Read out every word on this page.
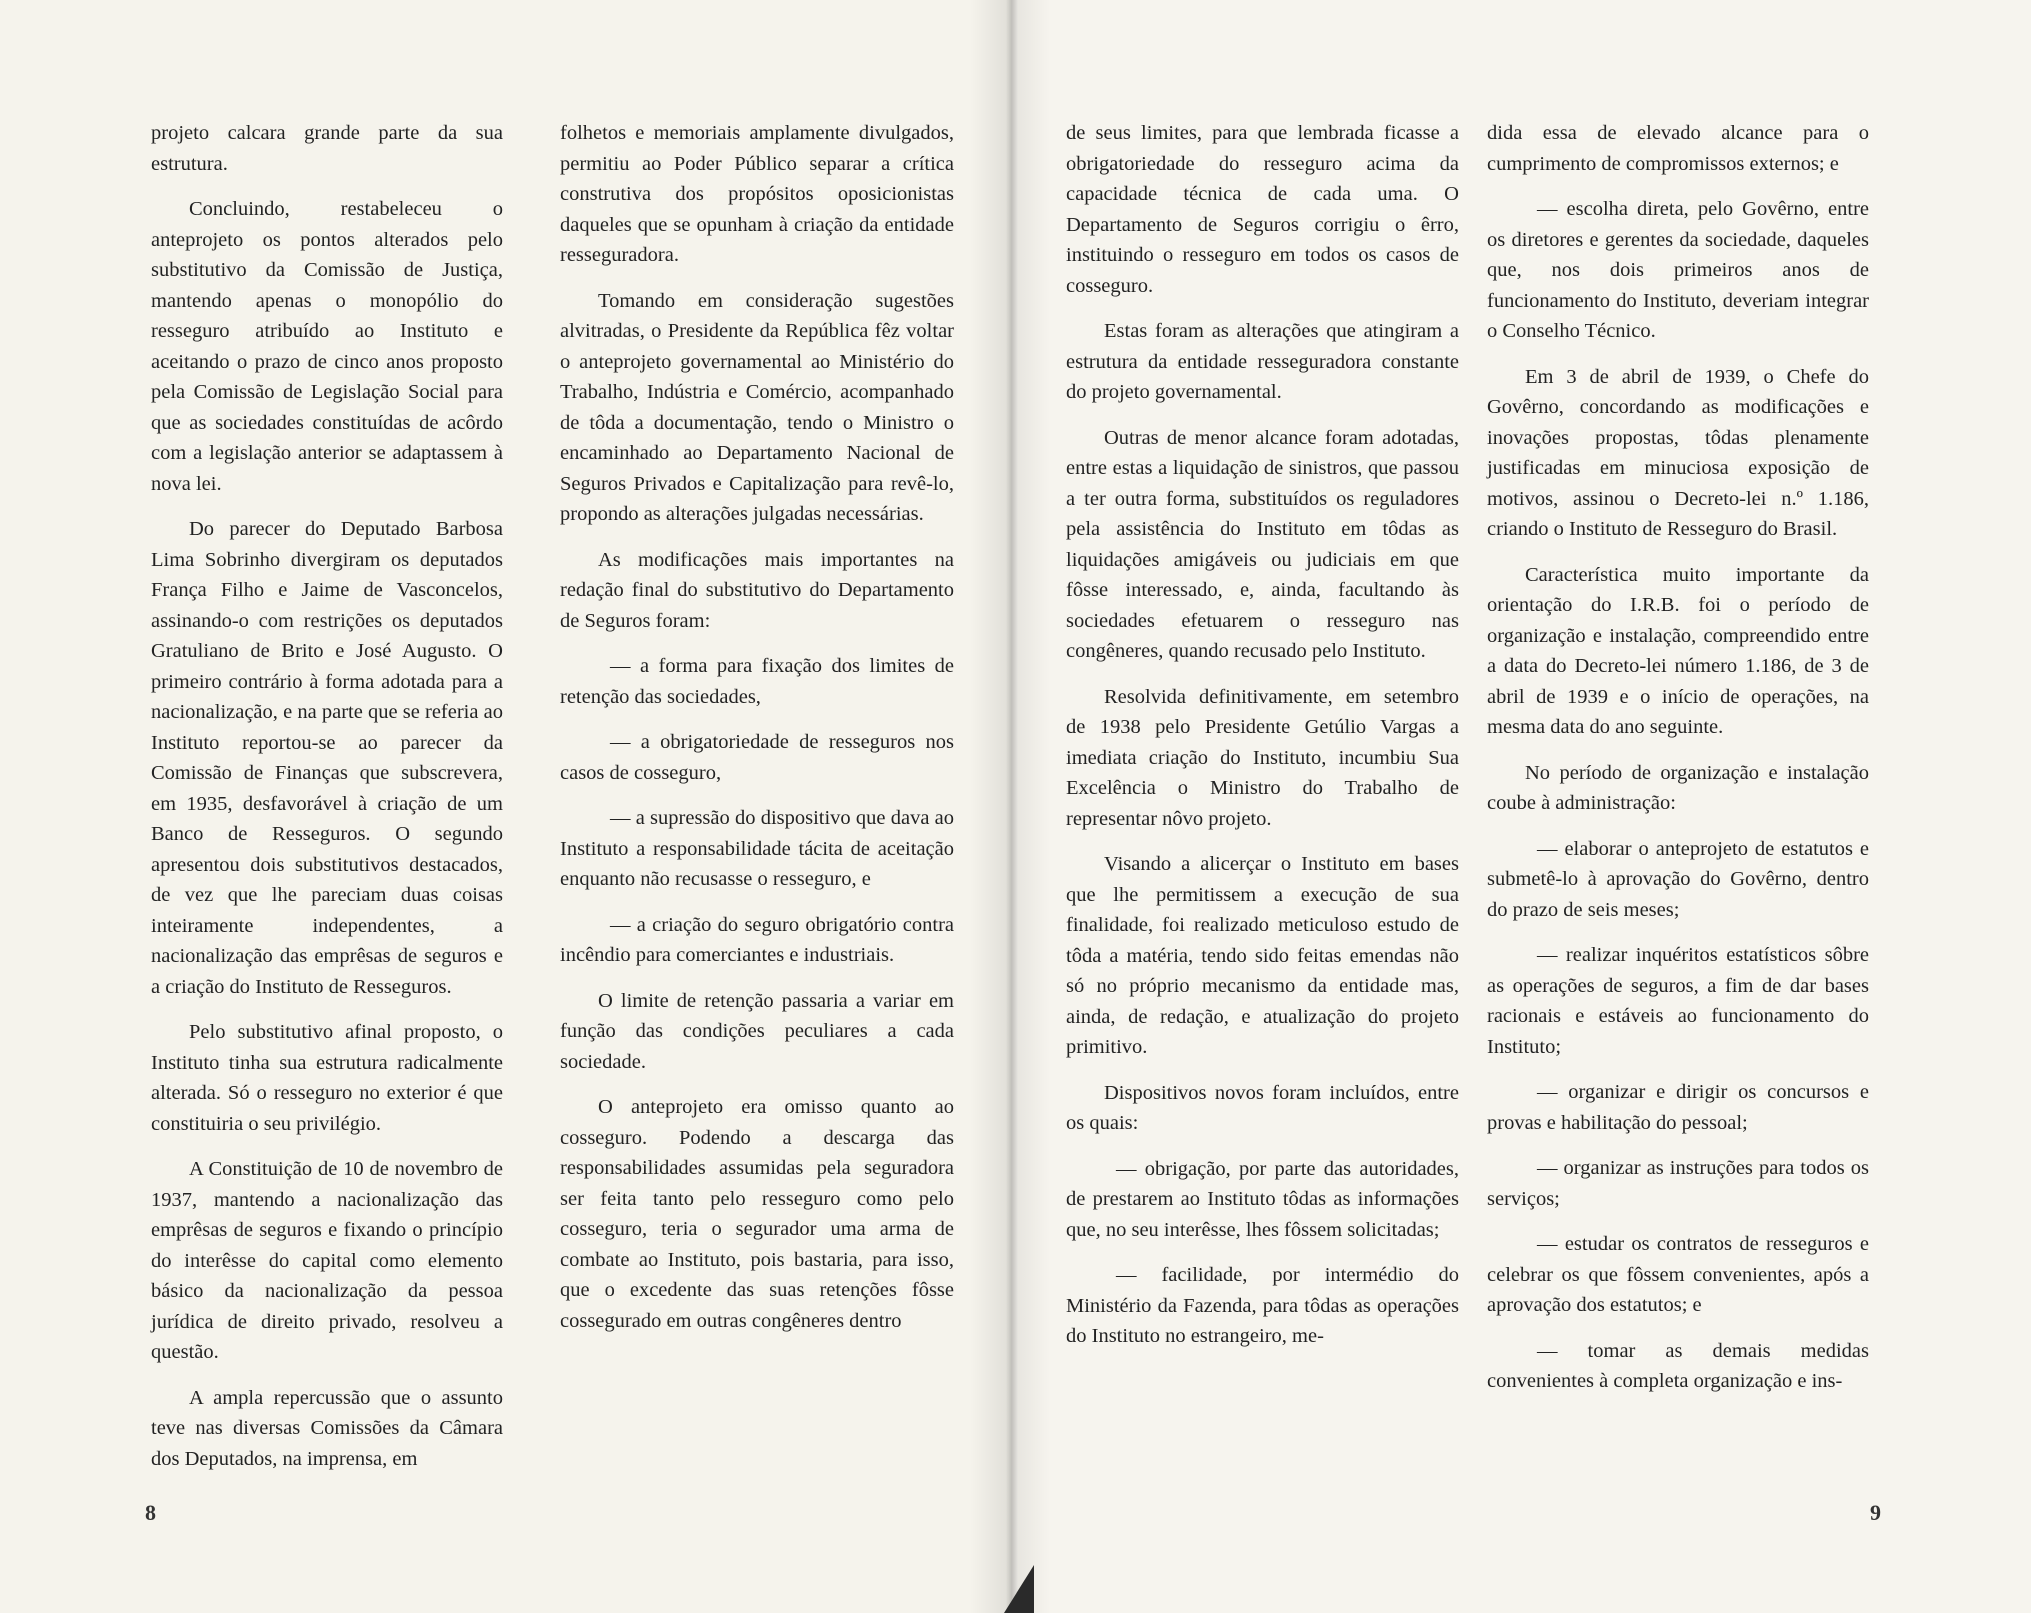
projeto calcara grande parte da sua estrutura.

Concluindo, restabeleceu o anteprojeto os pontos alterados pelo substitutivo da Comissão de Justiça, mantendo apenas o monopólio do resseguro atribuído ao Instituto e aceitando o prazo de cinco anos proposto pela Comissão de Legislação Social para que as sociedades constituídas de acôrdo com a legislação anterior se adaptassem à nova lei.

Do parecer do Deputado Barbosa Lima Sobrinho divergiram os deputados França Filho e Jaime de Vasconcelos, assinando-o com restrições os deputados Gratuliano de Brito e José Augusto. O primeiro contrário à forma adotada para a nacionalização, e na parte que se referia ao Instituto reportou-se ao parecer da Comissão de Finanças que subscrevera, em 1935, desfavorável à criação de um Banco de Resseguros. O segundo apresentou dois substitutivos destacados, de vez que lhe pareciam duas coisas inteiramente independentes, a nacionalização das emprêsas de seguros e a criação do Instituto de Resseguros.

Pelo substitutivo afinal proposto, o Instituto tinha sua estrutura radicalmente alterada. Só o resseguro no exterior é que constituiria o seu privilégio.

A Constituição de 10 de novembro de 1937, mantendo a nacionalização das emprêsas de seguros e fixando o princípio do interêsse do capital como elemento básico da nacionalização da pessoa jurídica de direito privado, resolveu a questão.

A ampla repercussão que o assunto teve nas diversas Comissões da Câmara dos Deputados, na imprensa, em

folhetos e memoriais amplamente divulgados, permitiu ao Poder Público separar a crítica construtiva dos propósitos oposicionistas daqueles que se opunham à criação da entidade resseguradora.

Tomando em consideração sugestões alvitradas, o Presidente da República fêz voltar o anteprojeto governamental ao Ministério do Trabalho, Indústria e Comércio, acompanhado de tôda a documentação, tendo o Ministro o encaminhado ao Departamento Nacional de Seguros Privados e Capitalização para revê-lo, propondo as alterações julgadas necessárias.

As modificações mais importantes na redação final do substitutivo do Departamento de Seguros foram:

— a forma para fixação dos limites de retenção das sociedades,

— a obrigatoriedade de resseguros nos casos de cosseguro,

— a supressão do dispositivo que dava ao Instituto a responsabilidade tácita de aceitação enquanto não recusasse o resseguro, e

— a criação do seguro obrigatório contra incêndio para comerciantes e industriais.

O limite de retenção passaria a variar em função das condições peculiares a cada sociedade.

O anteprojeto era omisso quanto ao cosseguro. Podendo a descarga das responsabilidades assumidas pela seguradora ser feita tanto pelo ressegurо como pelo cosseguro, teria o segurador uma arma de combate ao Instituto, pois bastaria, para isso, que o excedente das suas retenções fôsse cossegurado em outras congêneres dentro

8

de seus limites, para que lembrada ficasse a obrigatoriedade do resseguro acima da capacidade técnica de cada uma. O Departamento de Seguros corrigiu o êrro, instituindo o resseguro em todos os casos de cosseguro.

Estas foram as alterações que atingiram a estrutura da entidade resseguradora constante do projeto governamental.

Outras de menor alcance foram adotadas, entre estas a liquidação de sinistros, que passou a ter outra forma, substituídos os reguladores pela assistência do Instituto em tôdas as liquidações amigáveis ou judiciais em que fôsse interessado, e, ainda, facultando às sociedades efetuarem o resseguro nas congêneres, quando recusado pelo Instituto.

Resolvida definitivamente, em setembro de 1938 pelo Presidente Getúlio Vargas a imediata criação do Instituto, incumbiu Sua Excelência o Ministro do Trabalho de representar nôvo projeto.

Visando a alicerçar o Instituto em bases que lhe permitissem a execução de sua finalidade, foi realizado meticuloso estudo de tôda a matéria, tendo sido feitas emendas não só no próprio mecanismo da entidade mas, ainda, de redação, e atualização do projeto primitivo.

Dispositivos novos foram incluídos, entre os quais:

— obrigação, por parte das autoridades, de prestarem ao Instituto tôdas as informações que, no seu interêsse, lhes fôssem solicitadas;

— facilidade, por intermédio do Ministério da Fazenda, para tôdas as operações do Instituto no estrangeiro, me-

dida essa de elevado alcance para o cumprimento de compromissos externos; e

— escolha direta, pelo Govêrno, entre os diretores e gerentes da sociedade, daqueles que, nos dois primeiros anos de funcionamento do Instituto, deveriam integrar o Conselho Técnico.

Em 3 de abril de 1939, o Chefe do Govêrno, concordando as modificações e inovações propostas, tôdas plenamente justificadas em minuciosa exposição de motivos, assinou o Decreto-lei n.º 1.186, criando o Instituto de Resseguro do Brasil.

Característica muito importante da orientação do I.R.B. foi o período de organização e instalação, compreendido entre a data do Decreto-lei número 1.186, de 3 de abril de 1939 e o início de operações, na mesma data do ano seguinte.

No período de organização e instalação coube à administração:

— elaborar o anteprojeto de estatutos e submetê-lo à aprovação do Govêrno, dentro do prazo de seis meses;

— realizar inquéritos estatísticos sôbre as operações de seguros, a fim de dar bases racionais e estáveis ao funcionamento do Instituto;

— organizar e dirigir os concursos e provas e habilitação do pessoal;

— organizar as instruções para todos os serviços;

— estudar os contratos de resseguros e celebrar os que fôssem convenientes, após a aprovação dos estatutos; e

— tomar as demais medidas convenientes à completa organização e ins-

9
